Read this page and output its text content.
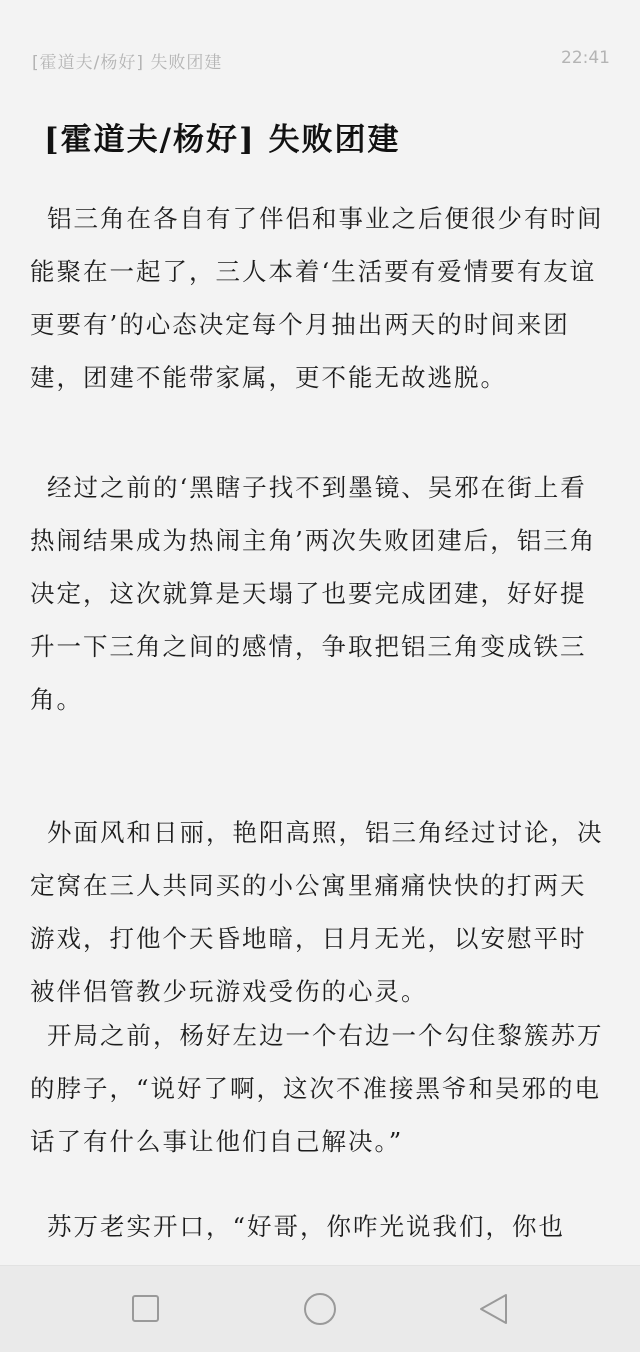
[霍道夫/杨好] 失败团建	22:41
[霍道夫/杨好] 失败团建

铝三角在各自有了伴侣和事业之后便很少有时间能聚在一起了，三人本着‘生活要有爱情要有友谊更要有’的心态决定每个月抽出两天的时间来团建，团建不能带家属，更不能无故逃脱。

经过之前的‘黑瞎子找不到墨镜、吴邪在街上看热闹结果成为热闹主角’两次失败团建后，铝三角决定，这次就算是天塌了也要完成团建，好好提升一下三角之间的感情，争取把铝三角变成铁三角。

外面风和日丽，艳阳高照，铝三角经过讨论，决定窝在三人共同买的小公寓里痛痛快快的打两天游戏，打他个天昏地暗，日月无光，以安慰平时被伴侣管教少玩游戏受伤的心灵。

开局之前，杨好左边一个右边一个勾住黎簇苏万的脖子，“说好了啊，这次不准接黑爷和吴邪的电话了有什么事让他们自己解决。”

苏万老实开口，“好哥，你咋光说我们，你也
